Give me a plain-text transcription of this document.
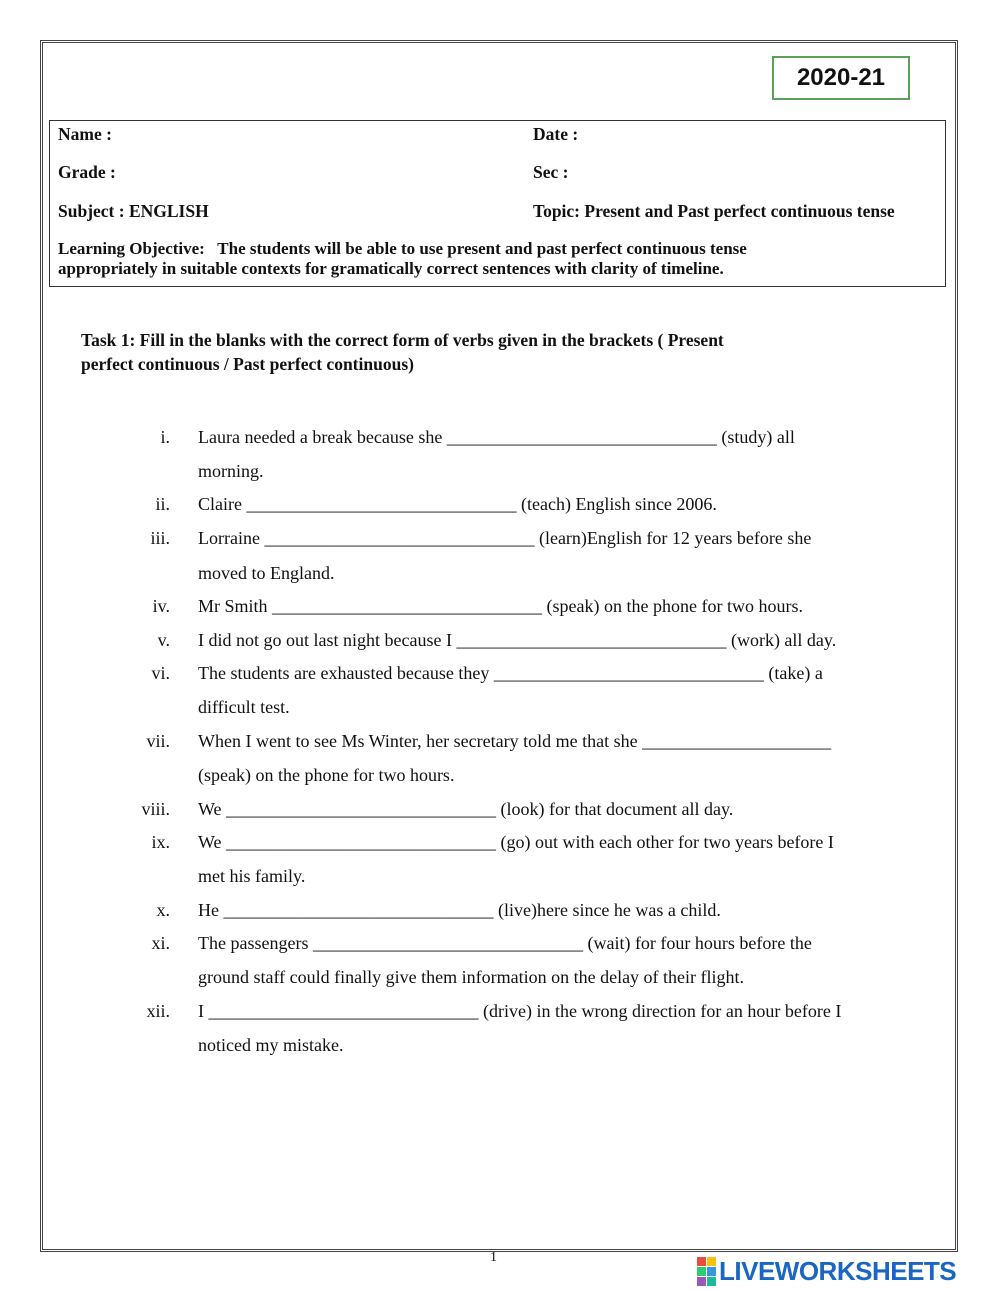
2020-21
Name :	Date :
Grade :	Sec :
Subject : ENGLISH	Topic: Present and Past perfect continuous tense
Learning Objective:   The students will be able to use present and past perfect continuous tense
appropriately in suitable contexts for gramatically correct sentences with clarity of timeline.
Task 1: Fill in the blanks with the correct form of verbs given in the brackets ( Present
perfect continuous / Past perfect continuous)
i. Laura needed a break because she ______________________________ (study) all
morning.
ii. Claire ______________________________ (teach) English since 2006.
iii. Lorraine ______________________________ (learn)English for 12 years before she
moved to England.
iv. Mr Smith ______________________________ (speak) on the phone for two hours.
v. I did not go out last night because I ______________________________ (work) all day.
vi. The students are exhausted because they ______________________________ (take) a
difficult test.
vii. When I went to see Ms Winter, her secretary told me that she _____________________
(speak) on the phone for two hours.
viii. We ______________________________ (look) for that document all day.
ix. We ______________________________ (go) out with each other for two years before I
met his family.
x. He ______________________________ (live)here since he was a child.
xi. The passengers ______________________________ (wait) for four hours before the
ground staff could finally give them information on the delay of their flight.
xii. I ______________________________ (drive) in the wrong direction for an hour before I
noticed my mistake.
1	LIVEWORKSHEETS
